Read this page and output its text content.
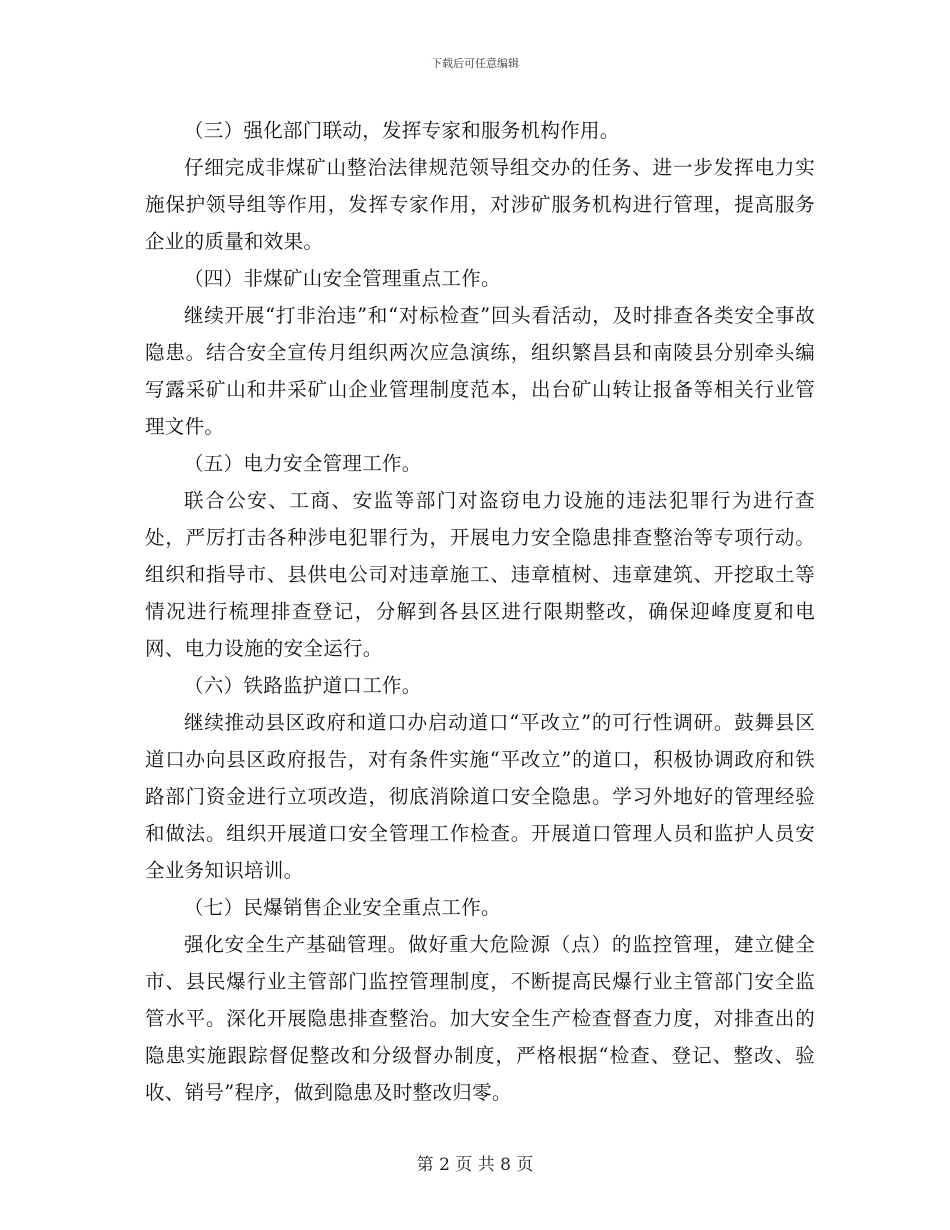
下载后可任意编辑

（三）强化部门联动，发挥专家和服务机构作用。

仔细完成非煤矿山整治法律规范领导组交办的任务、进一步发挥电力实施保护领导组等作用，发挥专家作用，对涉矿服务机构进行管理，提高服务企业的质量和效果。

（四）非煤矿山安全管理重点工作。

继续开展“打非治违”和“对标检查”回头看活动，及时排查各类安全事故隐患。结合安全宣传月组织两次应急演练，组织繁昌县和南陵县分别牵头编写露采矿山和井采矿山企业管理制度范本，出台矿山转让报备等相关行业管理文件。

（五）电力安全管理工作。

联合公安、工商、安监等部门对盗窃电力设施的违法犯罪行为进行查处，严厉打击各种涉电犯罪行为，开展电力安全隐患排查整治等专项行动。组织和指导市、县供电公司对违章施工、违章植树、违章建筑、开挖取土等情况进行梳理排查登记，分解到各县区进行限期整改，确保迎峰度夏和电网、电力设施的安全运行。

（六）铁路监护道口工作。

继续推动县区政府和道口办启动道口“平改立”的可行性调研。鼓舞县区道口办向县区政府报告，对有条件实施“平改立”的道口，积极协调政府和铁路部门资金进行立项改造，彻底消除道口安全隐患。学习外地好的管理经验和做法。组织开展道口安全管理工作检查。开展道口管理人员和监护人员安全业务知识培训。

（七）民爆销售企业安全重点工作。

强化安全生产基础管理。做好重大危险源（点）的监控管理，建立健全市、县民爆行业主管部门监控管理制度，不断提高民爆行业主管部门安全监管水平。深化开展隐患排查整治。加大安全生产检查督查力度，对排查出的隐患实施跟踪督促整改和分级督办制度，严格根据“检查、登记、整改、验收、销号”程序，做到隐患及时整改归零。

第 2 页 共 8 页
